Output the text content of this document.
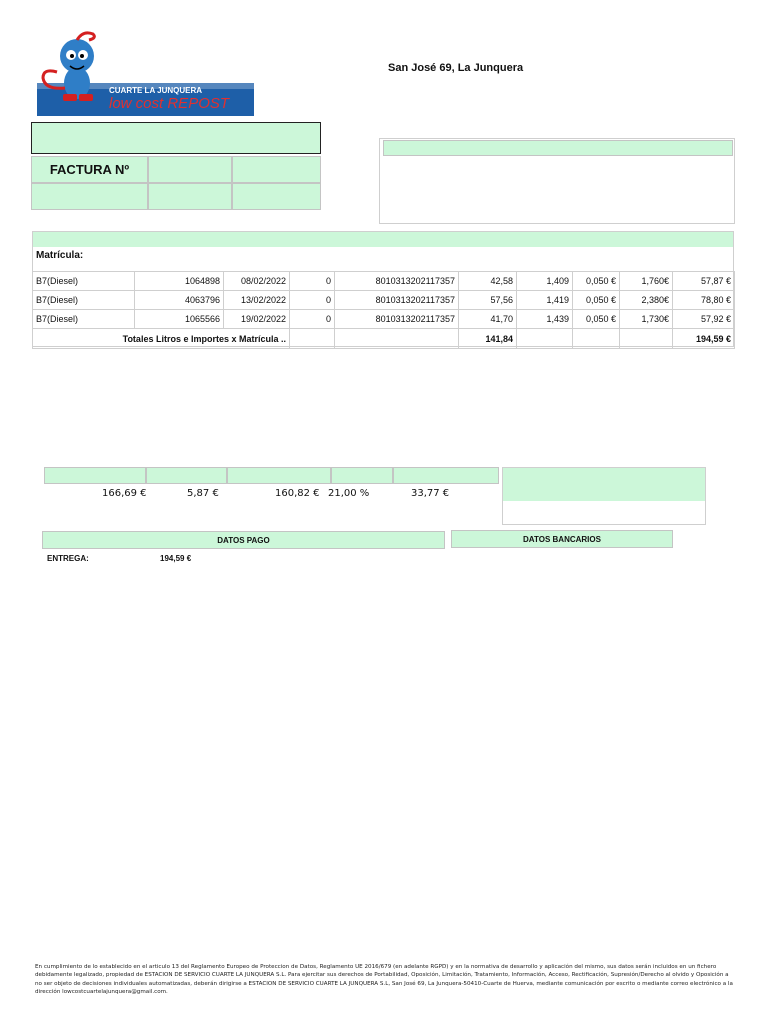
CUARTE LA JUNQUERA
low cost REPOST
San José 69, La Junquera
FACTURA Nº
Matrícula:
B7(Diesel)	1064898	08/02/2022	0	8010313202117357	42,58	1,409	0,050 €	1,760€	57,87 €
B7(Diesel)	4063796	13/02/2022	0	8010313202117357	57,56	1,419	0,050 €	2,380€	78,80 €
B7(Diesel)	1065566	19/02/2022	0	8010313202117357	41,70	1,439	0,050 €	1,730€	57,92 €
Totales Litros e Importes x Matrícula ..					141,84				194,59 €
166,69 €	5,87 €	160,82 € 21,00 %	33,77 €
DATOS PAGO	DATOS BANCARIOS
ENTREGA:	194,59 €
En cumplimiento de lo establecido en el articulo 13 del Reglamento Europeo de Proteccion de Datos, Reglamento UE 2016/679 (en adelante RGPD) y en la normativa de desarrollo y aplicación del mismo, sus datos serán incluidos en un fichero debidamente legalizado, propiedad de ESTACION DE SERVICIO CUARTE LA JUNQUERA S.L. Para ejercitar sus derechos de Portabilidad, Oposición, Limitación, Tratamiento, Información, Acceso, Rectificación, Supresión/Derecho al olvido y Oposición a no ser objeto de decisiones individuales automatizadas, deberán dirigirse a ESTACION DE SERVICIO CUARTE LA JUNQUERA S.L, San José 69, La Junquera-50410-Cuarte de Huerva, mediante comunicación por escrito o mediante correo electrónico a la dirección lowcostcuartelajunquera@gmail.com.
